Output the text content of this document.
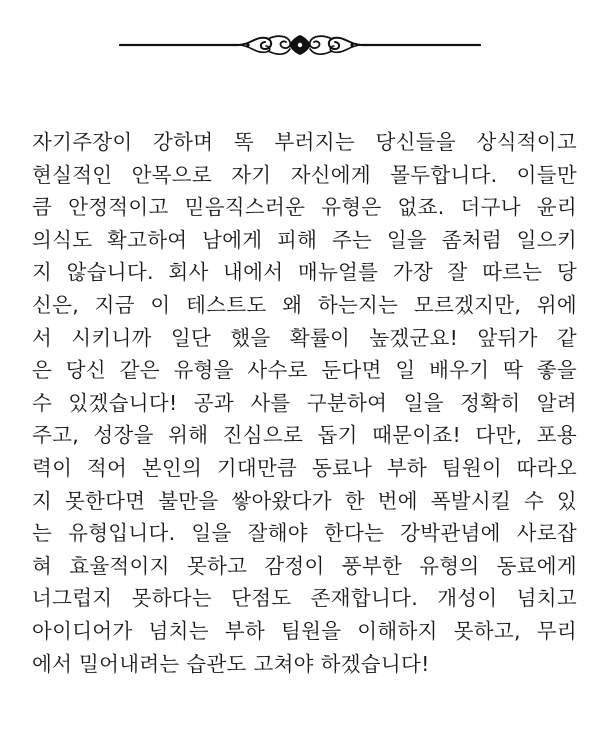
자기주장이 강하며 똑 부러지는 당신들을 상식적이고
현실적인 안목으로 자기 자신에게 몰두합니다. 이들만
큼 안정적이고 믿음직스러운 유형은 없죠. 더구나 윤리
의식도 확고하여 남에게 피해 주는 일을 좀처럼 일으키
지 않습니다. 회사 내에서 매뉴얼를 가장 잘 따르는 당
신은, 지금 이 테스트도 왜 하는지는 모르겠지만, 위에
서 시키니까 일단 했을 확률이 높겠군요! 앞뒤가 같
은 당신 같은 유형을 사수로 둔다면 일 배우기 딱 좋을
수 있겠습니다! 공과 사를 구분하여 일을 정확히 알려
주고, 성장을 위해 진심으로 돕기 때문이죠! 다만, 포용
력이 적어 본인의 기대만큼 동료나 부하 팀원이 따라오
지 못한다면 불만을 쌓아왔다가 한 번에 폭발시킬 수 있
는 유형입니다. 일을 잘해야 한다는 강박관념에 사로잡
혀 효율적이지 못하고 감정이 풍부한 유형의 동료에게
너그럽지 못하다는 단점도 존재합니다. 개성이 넘치고
아이디어가 넘치는 부하 팀원을 이해하지 못하고, 무리
에서 밀어내려는 습관도 고쳐야 하겠습니다!
